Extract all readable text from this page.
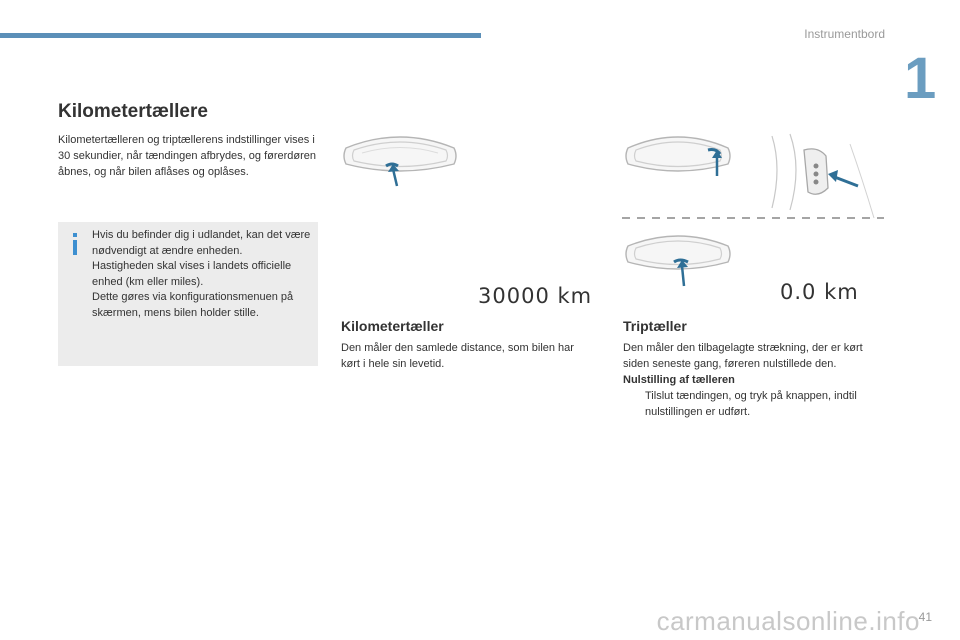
Instrumentbord
1
Kilometertællere
Kilometertælleren og triptællerens indstillinger vises i 30 sekundier, når tændingen afbrydes, og førerdøren åbnes, og når bilen aflåses og oplåses.
Hvis du befinder dig i udlandet, kan det være nødvendigt at ændre enheden.
Hastigheden skal vises i landets officielle enhed (km eller miles).
Dette gøres via konfigurationsmenuen på skærmen, mens bilen holder stille.
30000 km	0.0 km
Kilometertæller
Den måler den samlede distance, som bilen har kørt i hele sin levetid.
Triptæller
Den måler den tilbagelagte strækning, der er kørt siden seneste gang, føreren nulstillede den.
Nulstilling af tælleren
Tilslut tændingen, og tryk på knappen, indtil nulstillingen er udført.
carmanualsonline.info
41
